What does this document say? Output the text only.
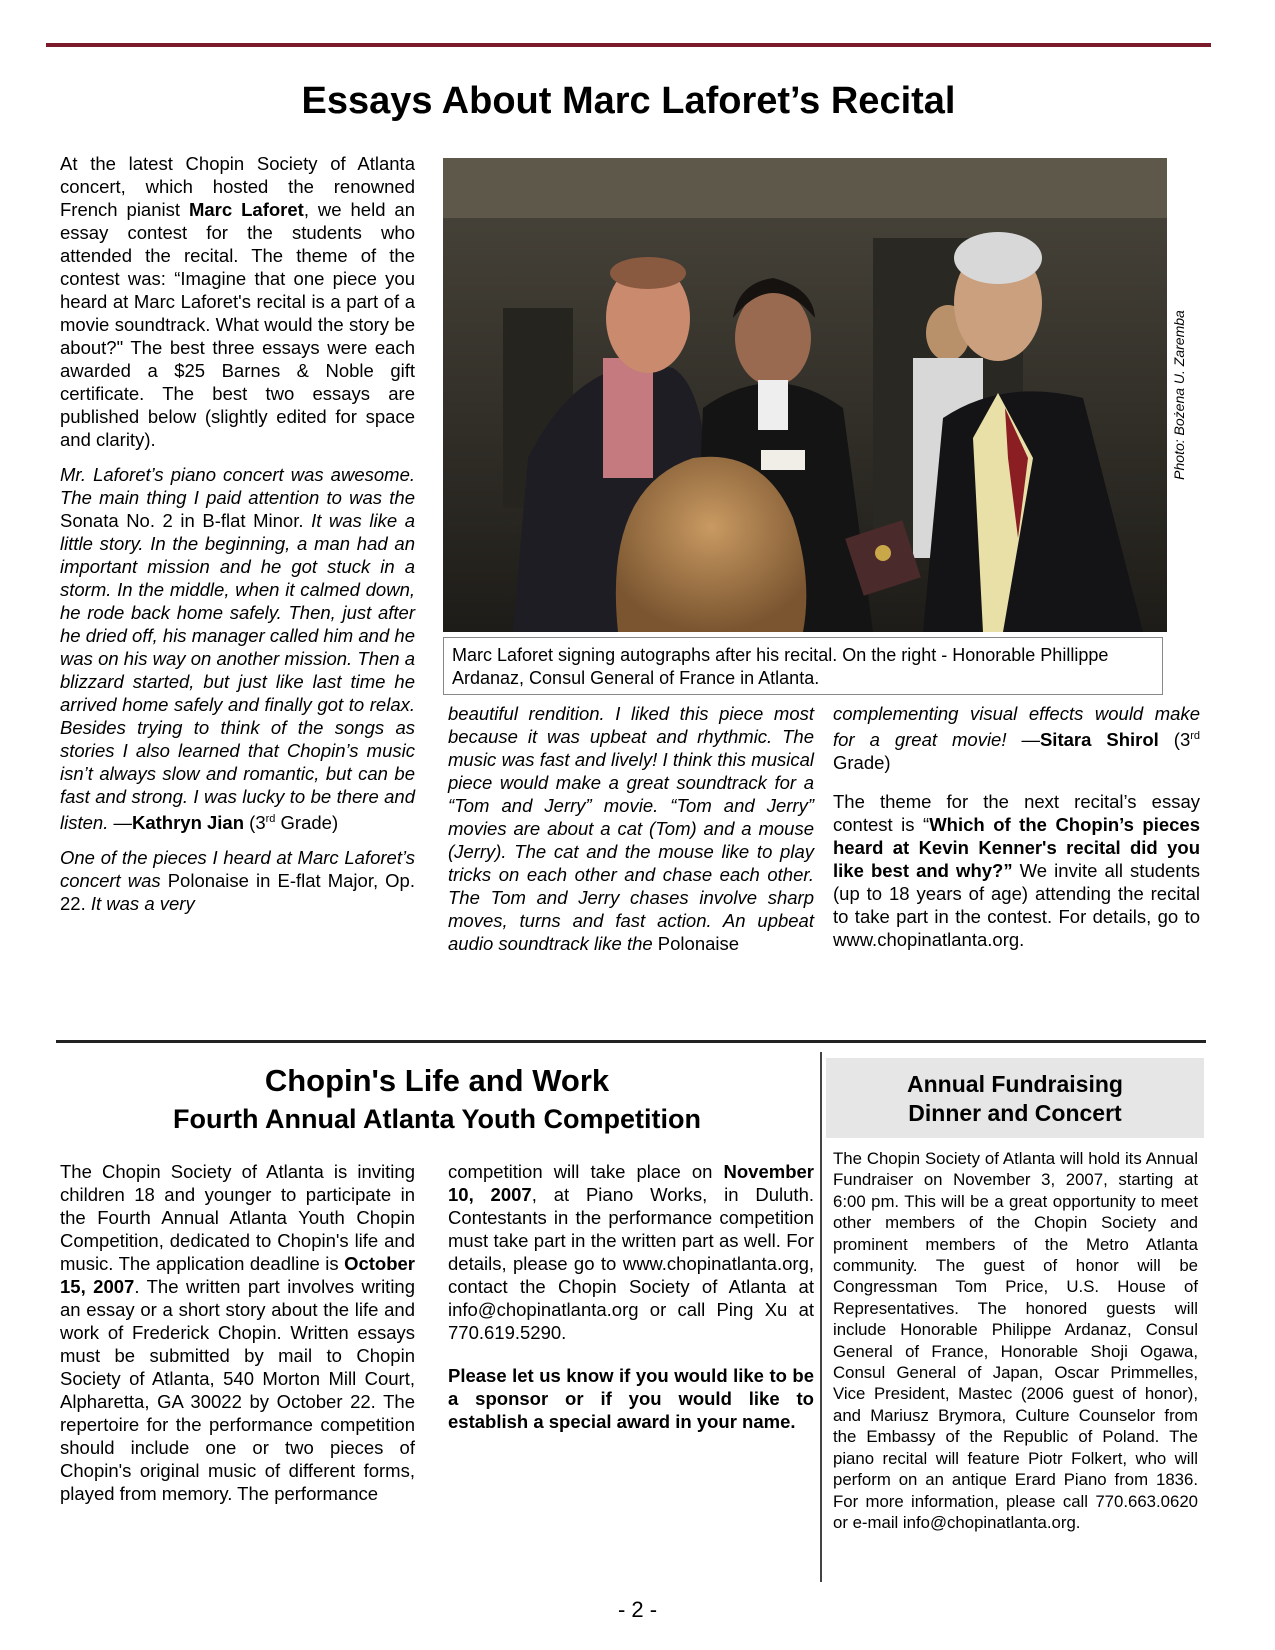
Essays About Marc Laforet’s Recital

At the latest Chopin Society of Atlanta concert, which hosted the renowned French pianist Marc Laforet, we held an essay contest for the students who attended the recital. The theme of the contest was: “Imagine that one piece you heard at Marc Laforet's recital is a part of a movie soundtrack. What would the story be about?" The best three essays were each awarded a $25 Barnes & Noble gift certificate. The best two essays are published below (slightly edited for space and clarity).

Mr. Laforet’s piano concert was awesome. The main thing I paid attention to was the Sonata No. 2 in B-flat Minor. It was like a little story. In the beginning, a man had an important mission and he got stuck in a storm. In the middle, when it calmed down, he rode back home safely. Then, just after he dried off, his manager called him and he was on his way on another mission. Then a blizzard started, but just like last time he arrived home safely and finally got to relax. Besides trying to think of the songs as stories I also learned that Chopin’s music isn’t always slow and romantic, but can be fast and strong. I was lucky to be there and listen. —Kathryn Jian (3rd Grade)

One of the pieces I heard at Marc Laforet’s concert was Polonaise in E-flat Major, Op. 22. It was a very

Photo: Bożena U. Zaremba
Marc Laforet signing autographs after his recital. On the right - Honorable Phillippe Ardanaz, Consul General of France in Atlanta.

beautiful rendition. I liked this piece most because it was upbeat and rhythmic. The music was fast and lively! I think this musical piece would make a great soundtrack for a “Tom and Jerry” movie. “Tom and Jerry” movies are about a cat (Tom) and a mouse (Jerry). The cat and the mouse like to play tricks on each other and chase each other. The Tom and Jerry chases involve sharp moves, turns and fast action. An upbeat audio soundtrack like the Polonaise

complementing visual effects would make for a great movie! —Sitara Shirol (3rd Grade)

The theme for the next recital’s essay contest is “Which of the Chopin’s pieces heard at Kevin Kenner's recital did you like best and why?” We invite all students (up to 18 years of age) attending the recital to take part in the contest. For details, go to www.chopinatlanta.org.

Chopin's Life and Work
Fourth Annual Atlanta Youth Competition

The Chopin Society of Atlanta is inviting children 18 and younger to participate in the Fourth Annual Atlanta Youth Chopin Competition, dedicated to Chopin's life and music. The application deadline is October 15, 2007. The written part involves writing an essay or a short story about the life and work of Frederick Chopin. Written essays must be submitted by mail to Chopin Society of Atlanta, 540 Morton Mill Court, Alpharetta, GA 30022 by October 22. The repertoire for the performance competition should include one or two pieces of Chopin's original music of different forms, played from memory. The performance

competition will take place on November 10, 2007, at Piano Works, in Duluth. Contestants in the performance competition must take part in the written part as well. For details, please go to www.chopinatlanta.org, contact the Chopin Society of Atlanta at info@chopinatlanta.org or call Ping Xu at 770.619.5290.

Please let us know if you would like to be a sponsor or if you would like to establish a special award in your name.

Annual Fundraising
Dinner and Concert
The Chopin Society of Atlanta will hold its Annual Fundraiser on November 3, 2007, starting at 6:00 pm. This will be a great opportunity to meet other members of the Chopin Society and prominent members of the Metro Atlanta community. The guest of honor will be Congressman Tom Price, U.S. House of Representatives. The honored guests will include Honorable Philippe Ardanaz, Consul General of France, Honorable Shoji Ogawa, Consul General of Japan, Oscar Primmelles, Vice President, Mastec (2006 guest of honor), and Mariusz Brymora, Culture Counselor from the Embassy of the Republic of Poland. The piano recital will feature Piotr Folkert, who will perform on an antique Erard Piano from 1836. For more information, please call 770.663.0620 or e-mail info@chopinatlanta.org.
- 2 -
